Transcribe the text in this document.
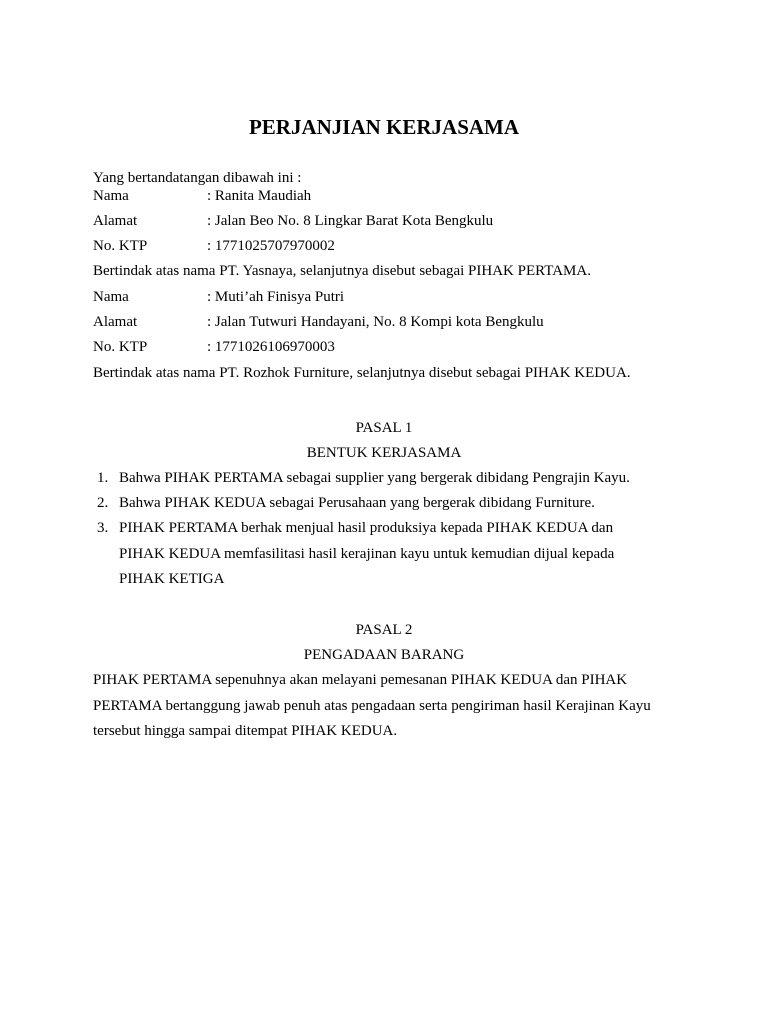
PERJANJIAN KERJASAMA
Yang bertandatangan dibawah ini :
Nama	: Ranita Maudiah
Alamat	: Jalan Beo No. 8 Lingkar Barat Kota Bengkulu
No. KTP	: 1771025707970002
Bertindak atas nama PT. Yasnaya, selanjutnya disebut sebagai PIHAK PERTAMA.
Nama	: Muti’ah Finisya Putri
Alamat	: Jalan Tutwuri Handayani, No. 8 Kompi kota Bengkulu
No. KTP	: 1771026106970003
Bertindak atas nama PT. Rozhok Furniture, selanjutnya disebut sebagai PIHAK KEDUA.
PASAL 1
BENTUK KERJASAMA
1. Bahwa PIHAK PERTAMA sebagai supplier yang bergerak dibidang Pengrajin Kayu.
2. Bahwa PIHAK KEDUA sebagai Perusahaan yang bergerak dibidang Furniture.
3. PIHAK PERTAMA berhak menjual hasil produksiya kepada PIHAK KEDUA dan
PIHAK KEDUA memfasilitasi hasil kerajinan kayu untuk kemudian dijual kepada
PIHAK KETIGA
PASAL 2
PENGADAAN BARANG
PIHAK PERTAMA sepenuhnya akan melayani pemesanan PIHAK KEDUA dan PIHAK
PERTAMA bertanggung jawab penuh atas pengadaan serta pengiriman hasil Kerajinan Kayu
tersebut hingga sampai ditempat PIHAK KEDUA.
